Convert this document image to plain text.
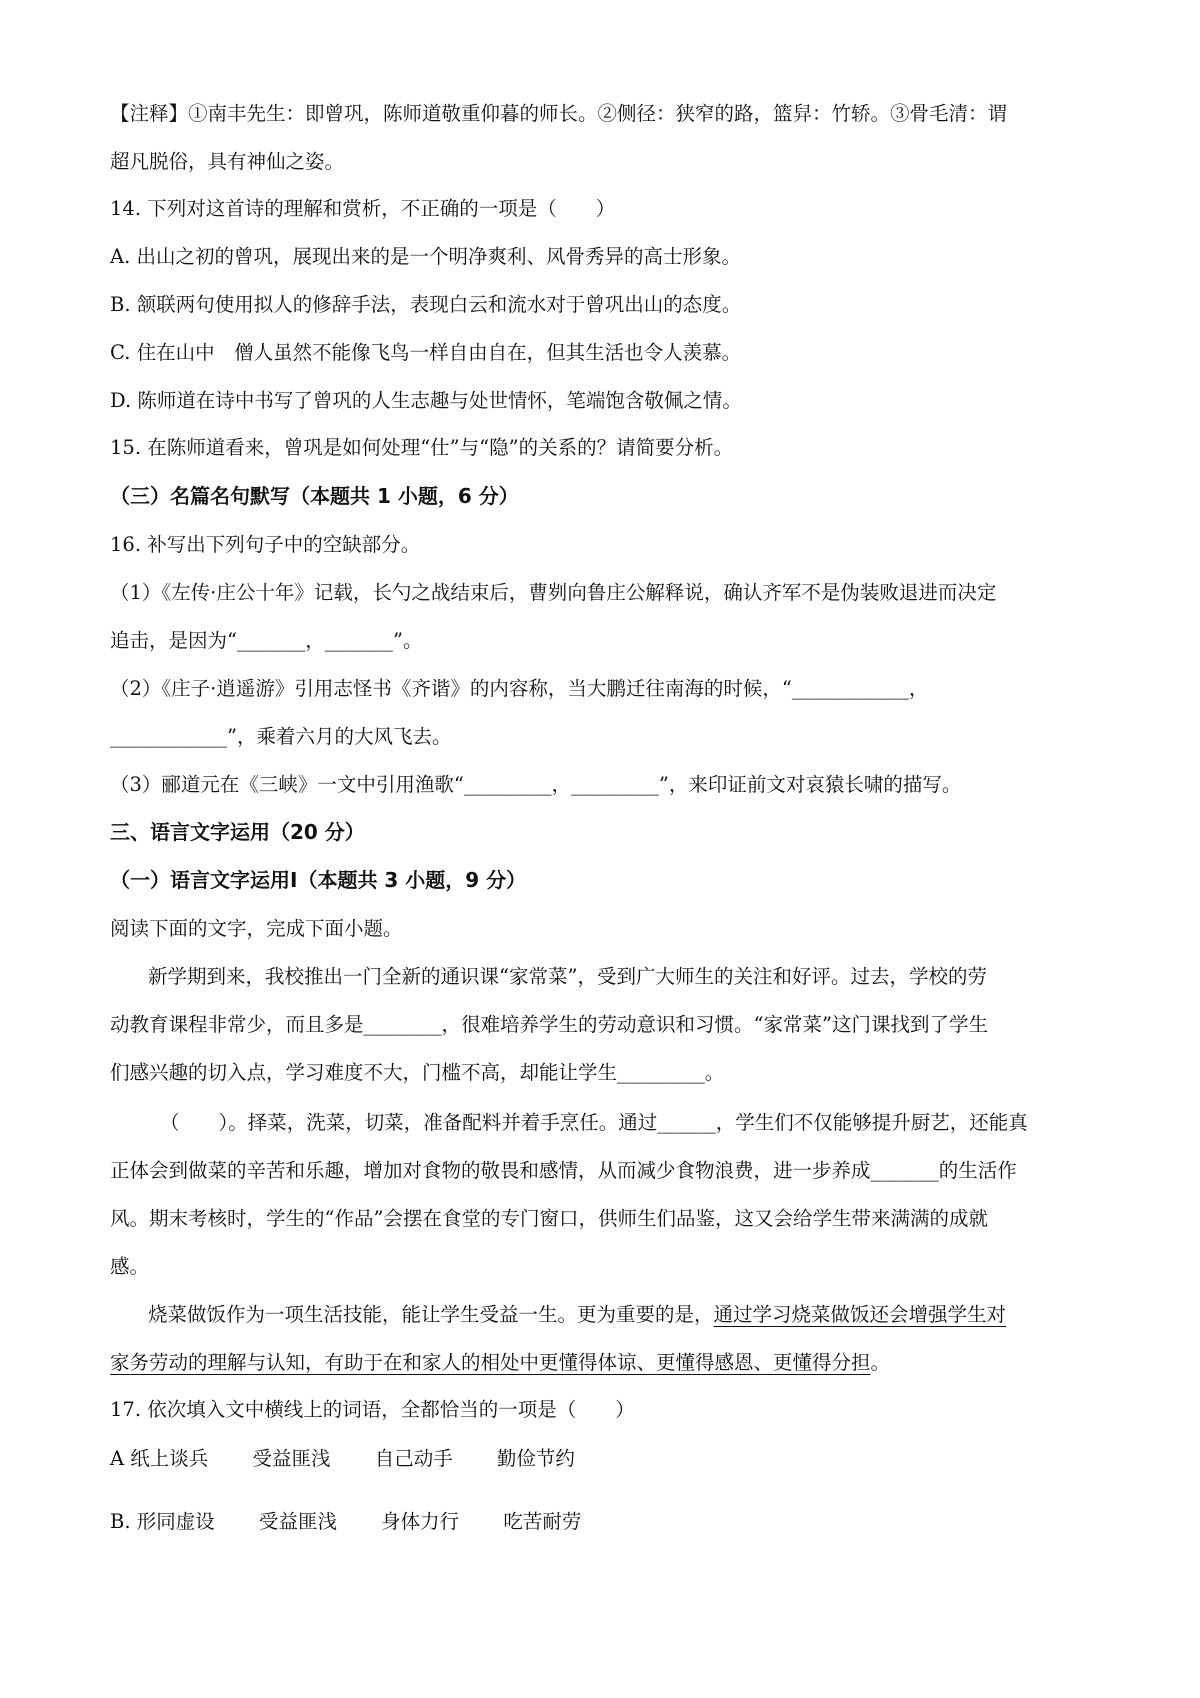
【注释】①南丰先生：即曾巩，陈师道敬重仰暮的师长。②侧径：狭窄的路，篮舁：竹轿。③骨毛清：谓
超凡脱俗，具有神仙之姿。
14. 下列对这首诗的理解和赏析，不正确的一项是（　　）
A. 出山之初的曾巩，展现出来的是一个明净爽利、风骨秀异的高士形象。
B. 颔联两句使用拟人的修辞手法，表现白云和流水对于曾巩出山的态度。
C. 住在山中　僧人虽然不能像飞鸟一样自由自在，但其生活也令人羡慕。
D. 陈师道在诗中书写了曾巩的人生志趣与处世情怀，笔端饱含敬佩之情。
15. 在陈师道看来，曾巩是如何处理“仕”与“隐”的关系的？请简要分析。
（三）名篇名句默写（本题共 1 小题，6 分）
16. 补写出下列句子中的空缺部分。
（1）《左传·庄公十年》记载，长勺之战结束后，曹刿向鲁庄公解释说，确认齐军不是伪装败退进而决定
追击，是因为“_______，_______”。
（2）《庄子·逍遥游》引用志怪书《齐谐》的内容称，当大鹏迁往南海的时候，“____________，
____________”，乘着六月的大风飞去。
（3）郦道元在《三峡》一文中引用渔歌“_________，_________”，来印证前文对哀猿长啸的描写。
三、语言文字运用（20 分）
（一）语言文字运用Ⅰ（本题共 3 小题，9 分）
阅读下面的文字，完成下面小题。
新学期到来，我校推出一门全新的通识课“家常菜”，受到广大师生的关注和好评。过去，学校的劳
动教育课程非常少，而且多是________，很难培养学生的劳动意识和习惯。“家常菜”这门课找到了学生
们感兴趣的切入点，学习难度不大，门槛不高，却能让学生_________。
（　　）。择菜，洗菜，切菜，准备配料并着手烹任。通过______，学生们不仅能够提升厨艺，还能真
正体会到做菜的辛苦和乐趣，增加对食物的敬畏和感情，从而减少食物浪费，进一步养成_______的生活作
风。期末考核时，学生的“作品”会摆在食堂的专门窗口，供师生们品鉴，这又会给学生带来满满的成就
感。
烧菜做饭作为一项生活技能，能让学生受益一生。更为重要的是，通过学习烧菜做饭还会增强学生对
家务劳动的理解与认知，有助于在和家人的相处中更懂得体谅、更懂得感恩、更懂得分担。
17. 依次填入文中横线上的词语，全都恰当的一项是（　　）
A 纸上谈兵 受益匪浅 自己动手 勤俭节约
B. 形同虚设 受益匪浅 身体力行 吃苦耐劳
